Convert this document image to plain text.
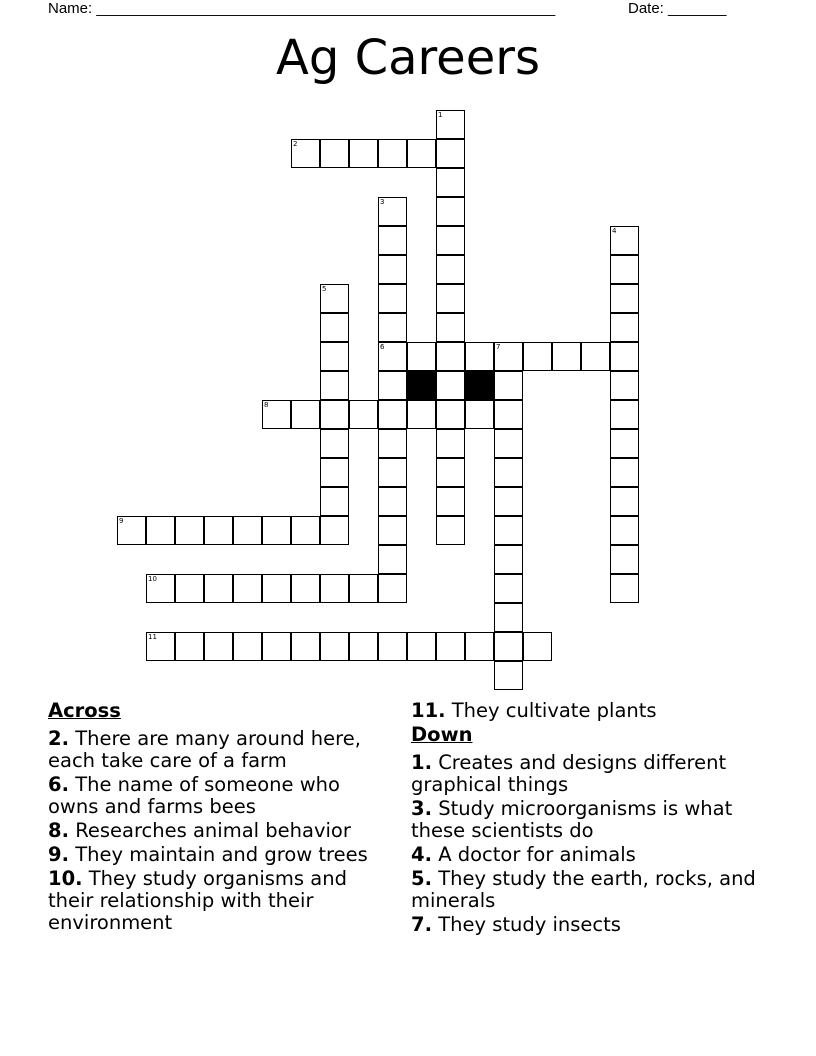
Name: _______________________________________________________	Date: _______
Ag Careers
1
3
6
4
5
7
2
8
9
10
11
Across
2. There are many around here, each take care of a farm
6. The name of someone who owns and farms bees
8. Researches animal behavior
9. They maintain and grow trees
10. They study organisms and their relationship with their environment
11. They cultivate plants
Down
1. Creates and designs different graphical things
3. Study microorganisms is what these scientists do
4. A doctor for animals
5. They study the earth, rocks, and minerals
7. They study insects
